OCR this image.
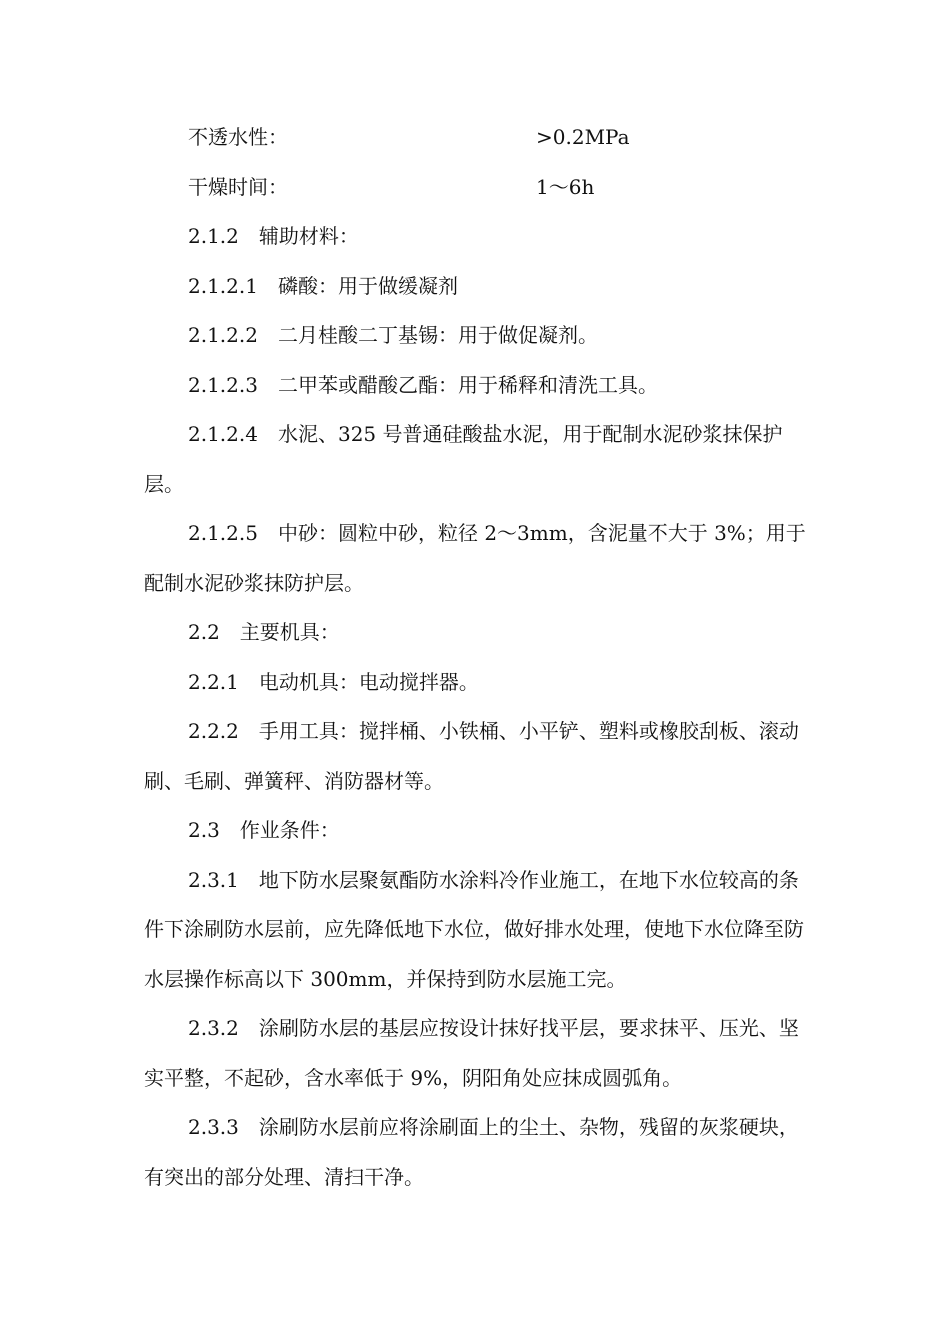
不透水性：	>0.2MPa
干燥时间：	1～6h

2.1.2　辅助材料：

2.1.2.1　磷酸：用于做缓凝剂

2.1.2.2　二月桂酸二丁基锡：用于做促凝剂。

2.1.2.3　二甲苯或醋酸乙酯：用于稀释和清洗工具。

2.1.2.4　水泥、325 号普通硅酸盐水泥，用于配制水泥砂浆抹保护层。

2.1.2.5　中砂：圆粒中砂，粒径 2～3mm，含泥量不大于 3%；用于配制水泥砂浆抹防护层。

2.2　主要机具：

2.2.1　电动机具：电动搅拌器。

2.2.2　手用工具：搅拌桶、小铁桶、小平铲、塑料或橡胶刮板、滚动刷、毛刷、弹簧秤、消防器材等。

2.3　作业条件：

2.3.1　地下防水层聚氨酯防水涂料冷作业施工，在地下水位较高的条件下涂刷防水层前，应先降低地下水位，做好排水处理，使地下水位降至防水层操作标高以下 300mm，并保持到防水层施工完。

2.3.2　涂刷防水层的基层应按设计抹好找平层，要求抹平、压光、坚实平整，不起砂，含水率低于 9%，阴阳角处应抹成圆弧角。

2.3.3　涂刷防水层前应将涂刷面上的尘土、杂物，残留的灰浆硬块，有突出的部分处理、清扫干净。
